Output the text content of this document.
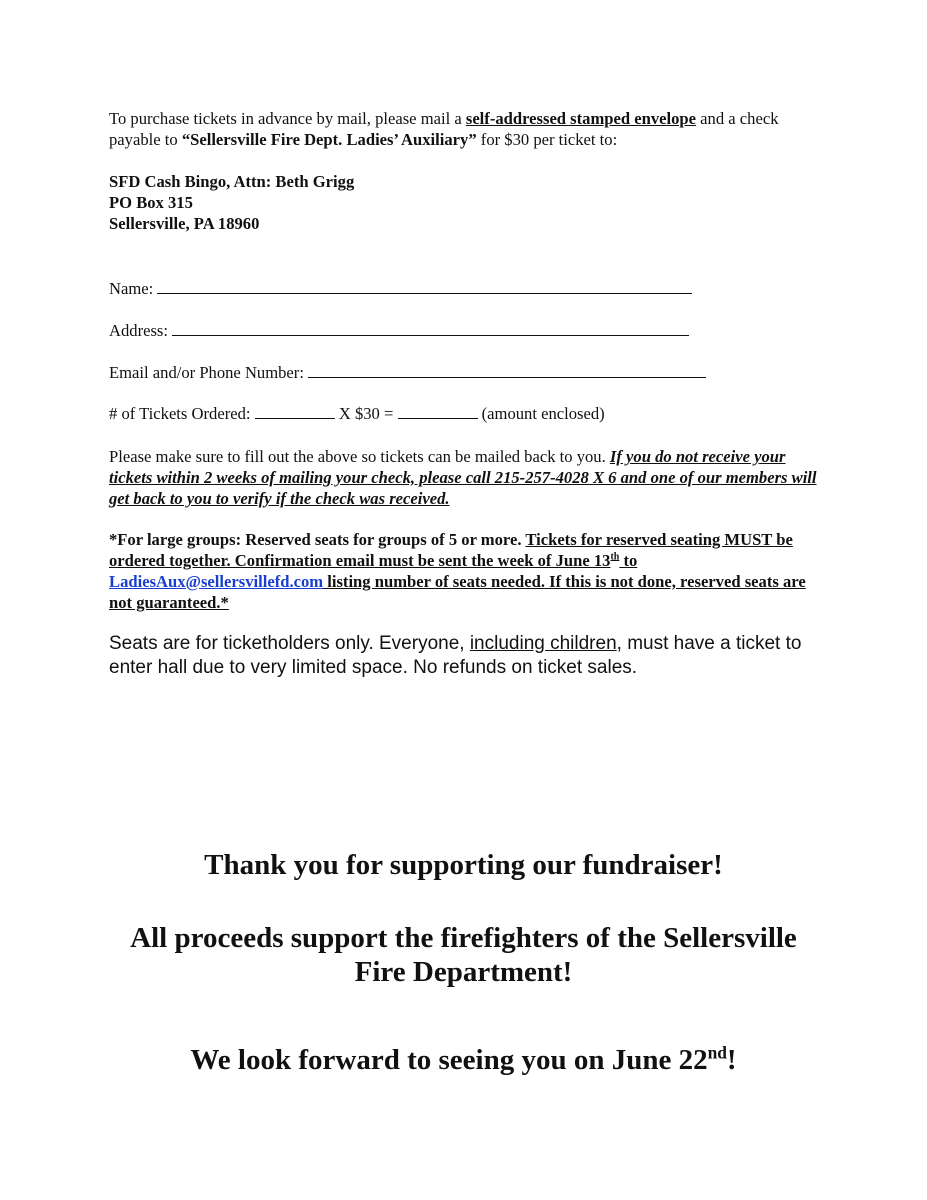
To purchase tickets in advance by mail, please mail a self-addressed stamped envelope and a check payable to “Sellersville Fire Dept. Ladies’ Auxiliary” for $30 per ticket to:

SFD Cash Bingo, Attn: Beth Grigg
PO Box 315
Sellersville, PA 18960
Name:
Address:
Email and/or Phone Number:
# of Tickets Ordered:	X $30 =	(amount enclosed)
Please make sure to fill out the above so tickets can be mailed back to you. If you do not receive your tickets within 2 weeks of mailing your check, please call 215-257-4028 X 6 and one of our members will get back to you to verify if the check was received.
*For large groups: Reserved seats for groups of 5 or more. Tickets for reserved seating MUST be ordered together. Confirmation email must be sent the week of June 13th to
LadiesAux@sellersvillefd.com listing number of seats needed. If this is not done, reserved seats are not guaranteed.*
Seats are for ticketholders only. Everyone, including children, must have a ticket to enter hall due to very limited space. No refunds on ticket sales.
Thank you for supporting our fundraiser!
All proceeds support the firefighters of the Sellersville
Fire Department!
We look forward to seeing you on June 22nd!
